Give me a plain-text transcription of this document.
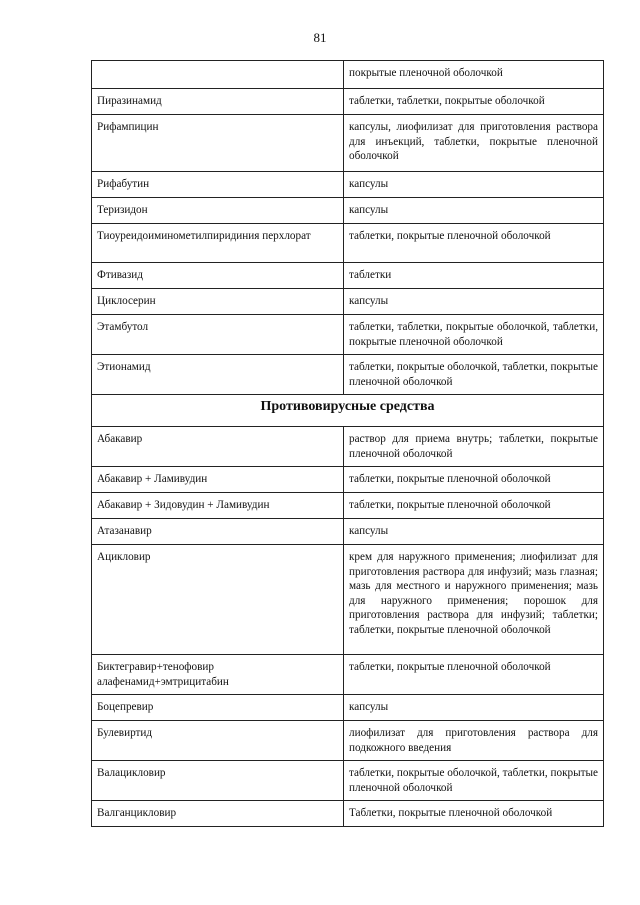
81
	покрытые пленочной оболочкой
Пиразинамид	таблетки, таблетки, покрытые оболочкой
Рифампицин	капсулы, лиофилизат для приготовления раствора для инъекций, таблетки, покрытые пленочной оболочкой
Рифабутин	капсулы
Теризидон	капсулы
Тиоуреидоиминометилпиридиния перхлорат	таблетки, покрытые пленочной оболочкой
Фтивазид	таблетки
Циклосерин	капсулы
Этамбутол	таблетки, таблетки, покрытые оболочкой, таблетки, покрытые пленочной оболочкой
Этионамид	таблетки, покрытые оболочкой, таблетки, покрытые пленочной оболочкой
Противовирусные средства	
Абакавир	раствор для приема внутрь; таблетки, покрытые пленочной оболочкой
Абакавир + Ламивудин	таблетки, покрытые пленочной оболочкой
Абакавир + Зидовудин + Ламивудин	таблетки, покрытые пленочной оболочкой
Атазанавир	капсулы
Ацикловир	крем для наружного применения; лиофилизат для приготовления раствора для инфузий; мазь глазная; мазь для местного и наружного применения; мазь для наружного применения; порошок для приготовления раствора для инфузий; таблетки; таблетки, покрытые пленочной оболочкой
Биктегравир+тенофовир алафенамид+эмтрицитабин	таблетки, покрытые пленочной оболочкой
Боцепревир	капсулы
Булевиртид	лиофилизат для приготовления раствора для подкожного введения
Валацикловир	таблетки, покрытые оболочкой, таблетки, покрытые пленочной оболочкой
Валганцикловир	Таблетки, покрытые пленочной оболочкой
